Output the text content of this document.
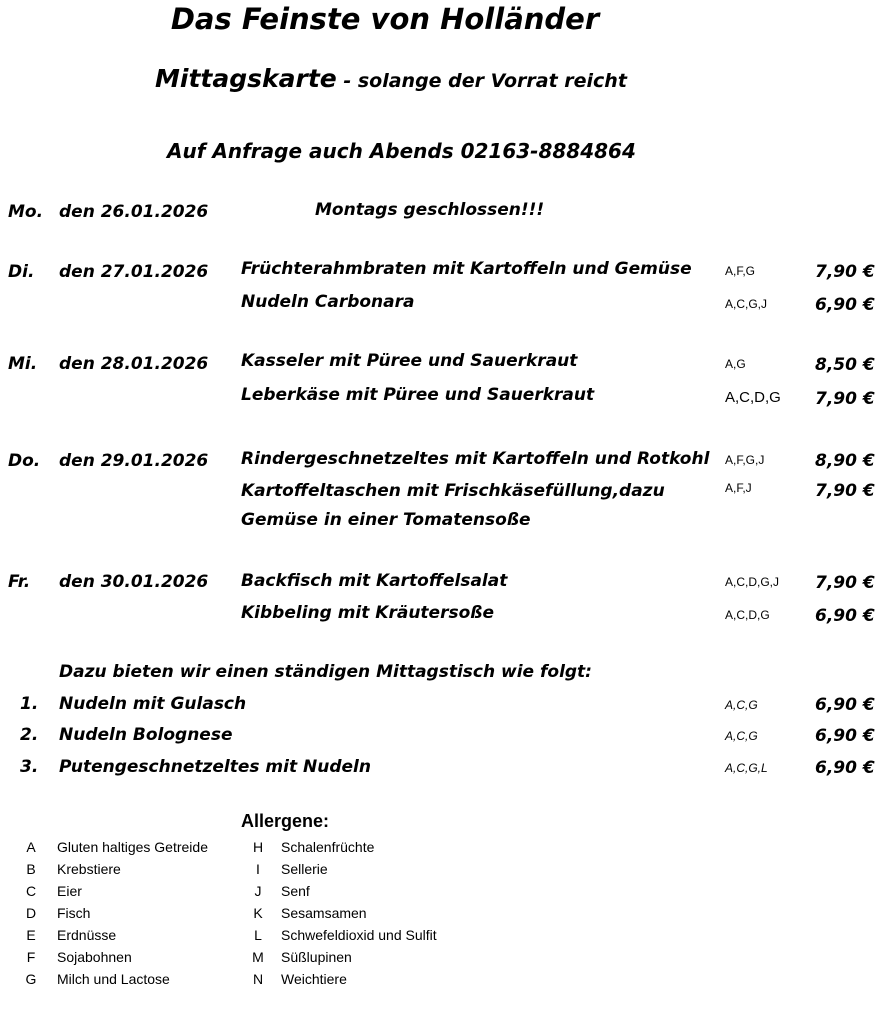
Das Feinste von Holländer
Mittagskarte - solange der Vorrat reicht
Auf Anfrage auch Abends 02163-8884864
Mo. den 26.01.2026	Montags geschlossen!!!
Di. den 27.01.2026 Früchterahmbraten mit Kartoffeln und Gemüse	A,F,G	7,90 €
Nudeln Carbonara	A,C,G,J	6,90 €
Mi. den 28.01.2026 Kasseler mit Püree und Sauerkraut	A,G	8,50 €
Leberkäse mit Püree und Sauerkraut	A,C,D,G 7,90 €
Do. den 29.01.2026 Rindergeschnetzeltes mit Kartoffeln und Rotkohl A,F,G,J	8,90 €
Kartoffeltaschen mit Frischkäsefüllung,dazu	A,F,J	7,90 €
Gemüse in einer Tomatensoße
Fr. den 30.01.2026 Backfisch mit Kartoffelsalat	A,C,D,G,J 7,90 €
Kibbeling mit Kräutersoße	A,C,D,G	6,90 €
Dazu bieten wir einen ständigen Mittagstisch wie folgt:
1. Nudeln mit Gulasch	A,C,G	6,90 €
2. Nudeln Bolognese	A,C,G	6,90 €
3. Putengeschnetzeltes mit Nudeln	A,C,G,L	6,90 €
Allergene:
A Gluten haltiges Getreide
B Krebstiere
C Eier
D Fisch
E Erdnüsse
F Sojabohnen
G Milch und Lactose
H Schalenfrüchte
I	Sellerie
J Senf
K Sesamsamen
L Schwefeldioxid und Sulfit
M Süßlupinen
N Weichtiere
